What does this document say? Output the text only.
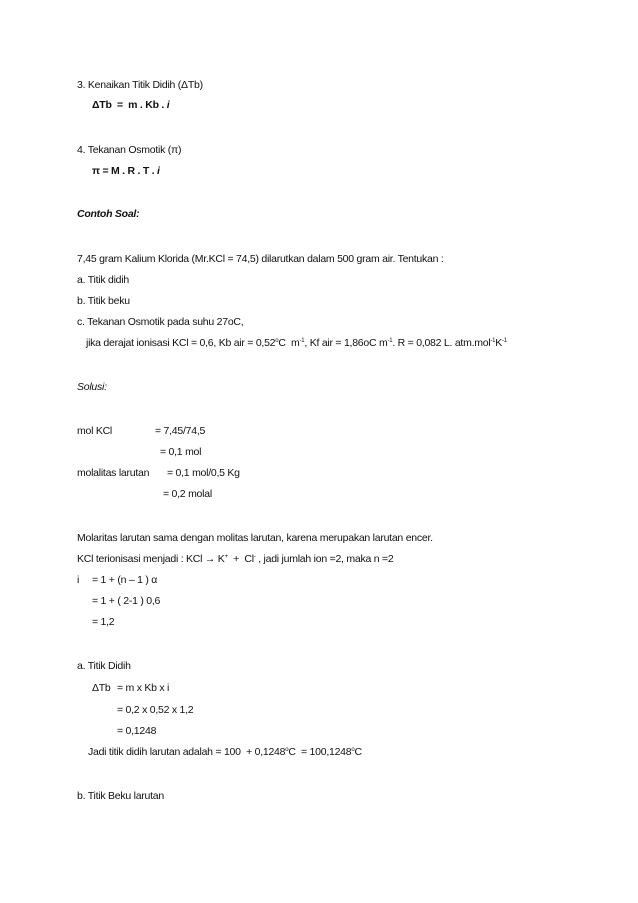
3. Kenaikan Titik Didih (ΔTb)
ΔTb  =  m . Kb . i
4. Tekanan Osmotik (π)
π = M . R . T . i
Contoh Soal:
7,45 gram Kalium Klorida (Mr.KCl = 74,5) dilarutkan dalam 500 gram air. Tentukan :
a. Titik didih
b. Titik beku
c. Tekanan Osmotik pada suhu 27oC,
jika derajat ionisasi KCl = 0,6, Kb air = $0,52^oC$  $m^{-1}$, Kf air = 1,86oC $m^{-1}$. R = 0,082 L. $atm.mol^{-1}K^{-1}$
Solusi:
mol KCl	= 7,45/74,5
= 0,1 mol
molalitas larutan = 0,1 mol/0,5 Kg
= 0,2 molal
Molaritas larutan sama dengan molitas larutan, karena merupakan larutan encer.
KCl terionisasi menjadi : KCl → K+  +  Cl- , jadi jumlah ion =2, maka n =2
i = 1 + (n – 1 ) α
= 1 + ( 2-1 ) 0,6
= 1,2
a. Titik Didih
ΔTb = m x Kb x i
= 0,2 x 0,52 x 1,2
= 0,1248
Jadi titik didih larutan adalah = $100 + 0,1248^oC = 100,1248^oC$
b. Titik Beku larutan
